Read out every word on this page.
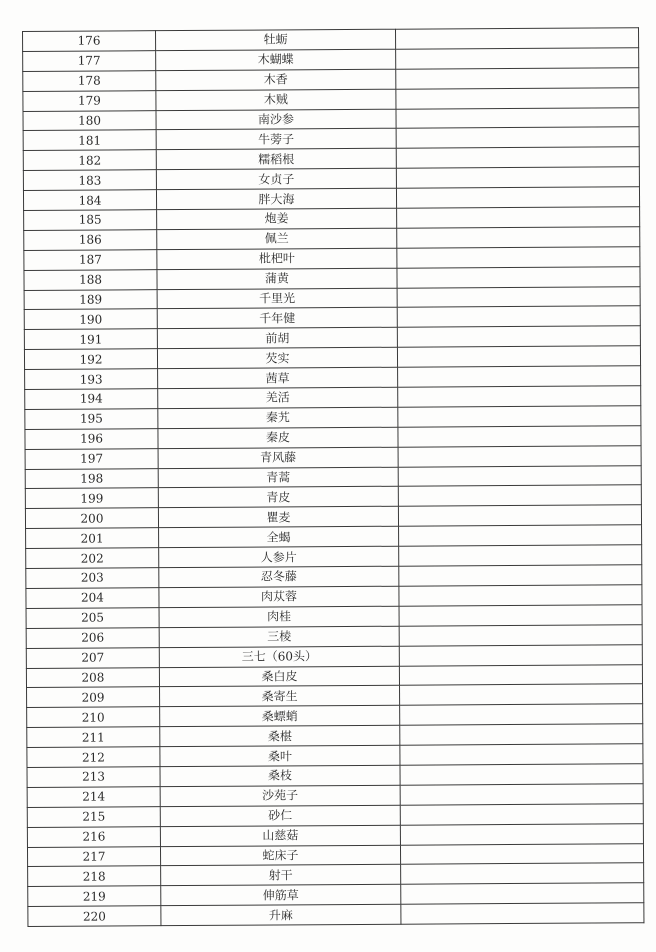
176	牡蛎	
177	木蝴蝶	
178	木香	
179	木贼	
180	南沙参	
181	牛蒡子	
182	糯稻根	
183	女贞子	
184	胖大海	
185	炮姜	
186	佩兰	
187	枇杷叶	
188	蒲黄	
189	千里光	
190	千年健	
191	前胡	
192	芡实	
193	茜草	
194	羌活	
195	秦艽	
196	秦皮	
197	青风藤	
198	青蒿	
199	青皮	
200	瞿麦	
201	全蝎	
202	人参片	
203	忍冬藤	
204	肉苁蓉	
205	肉桂	
206	三棱	
207	三七（60头）	
208	桑白皮	
209	桑寄生	
210	桑螵蛸	
211	桑椹	
212	桑叶	
213	桑枝	
214	沙苑子	
215	砂仁	
216	山慈菇	
217	蛇床子	
218	射干	
219	伸筋草	
220	升麻	
